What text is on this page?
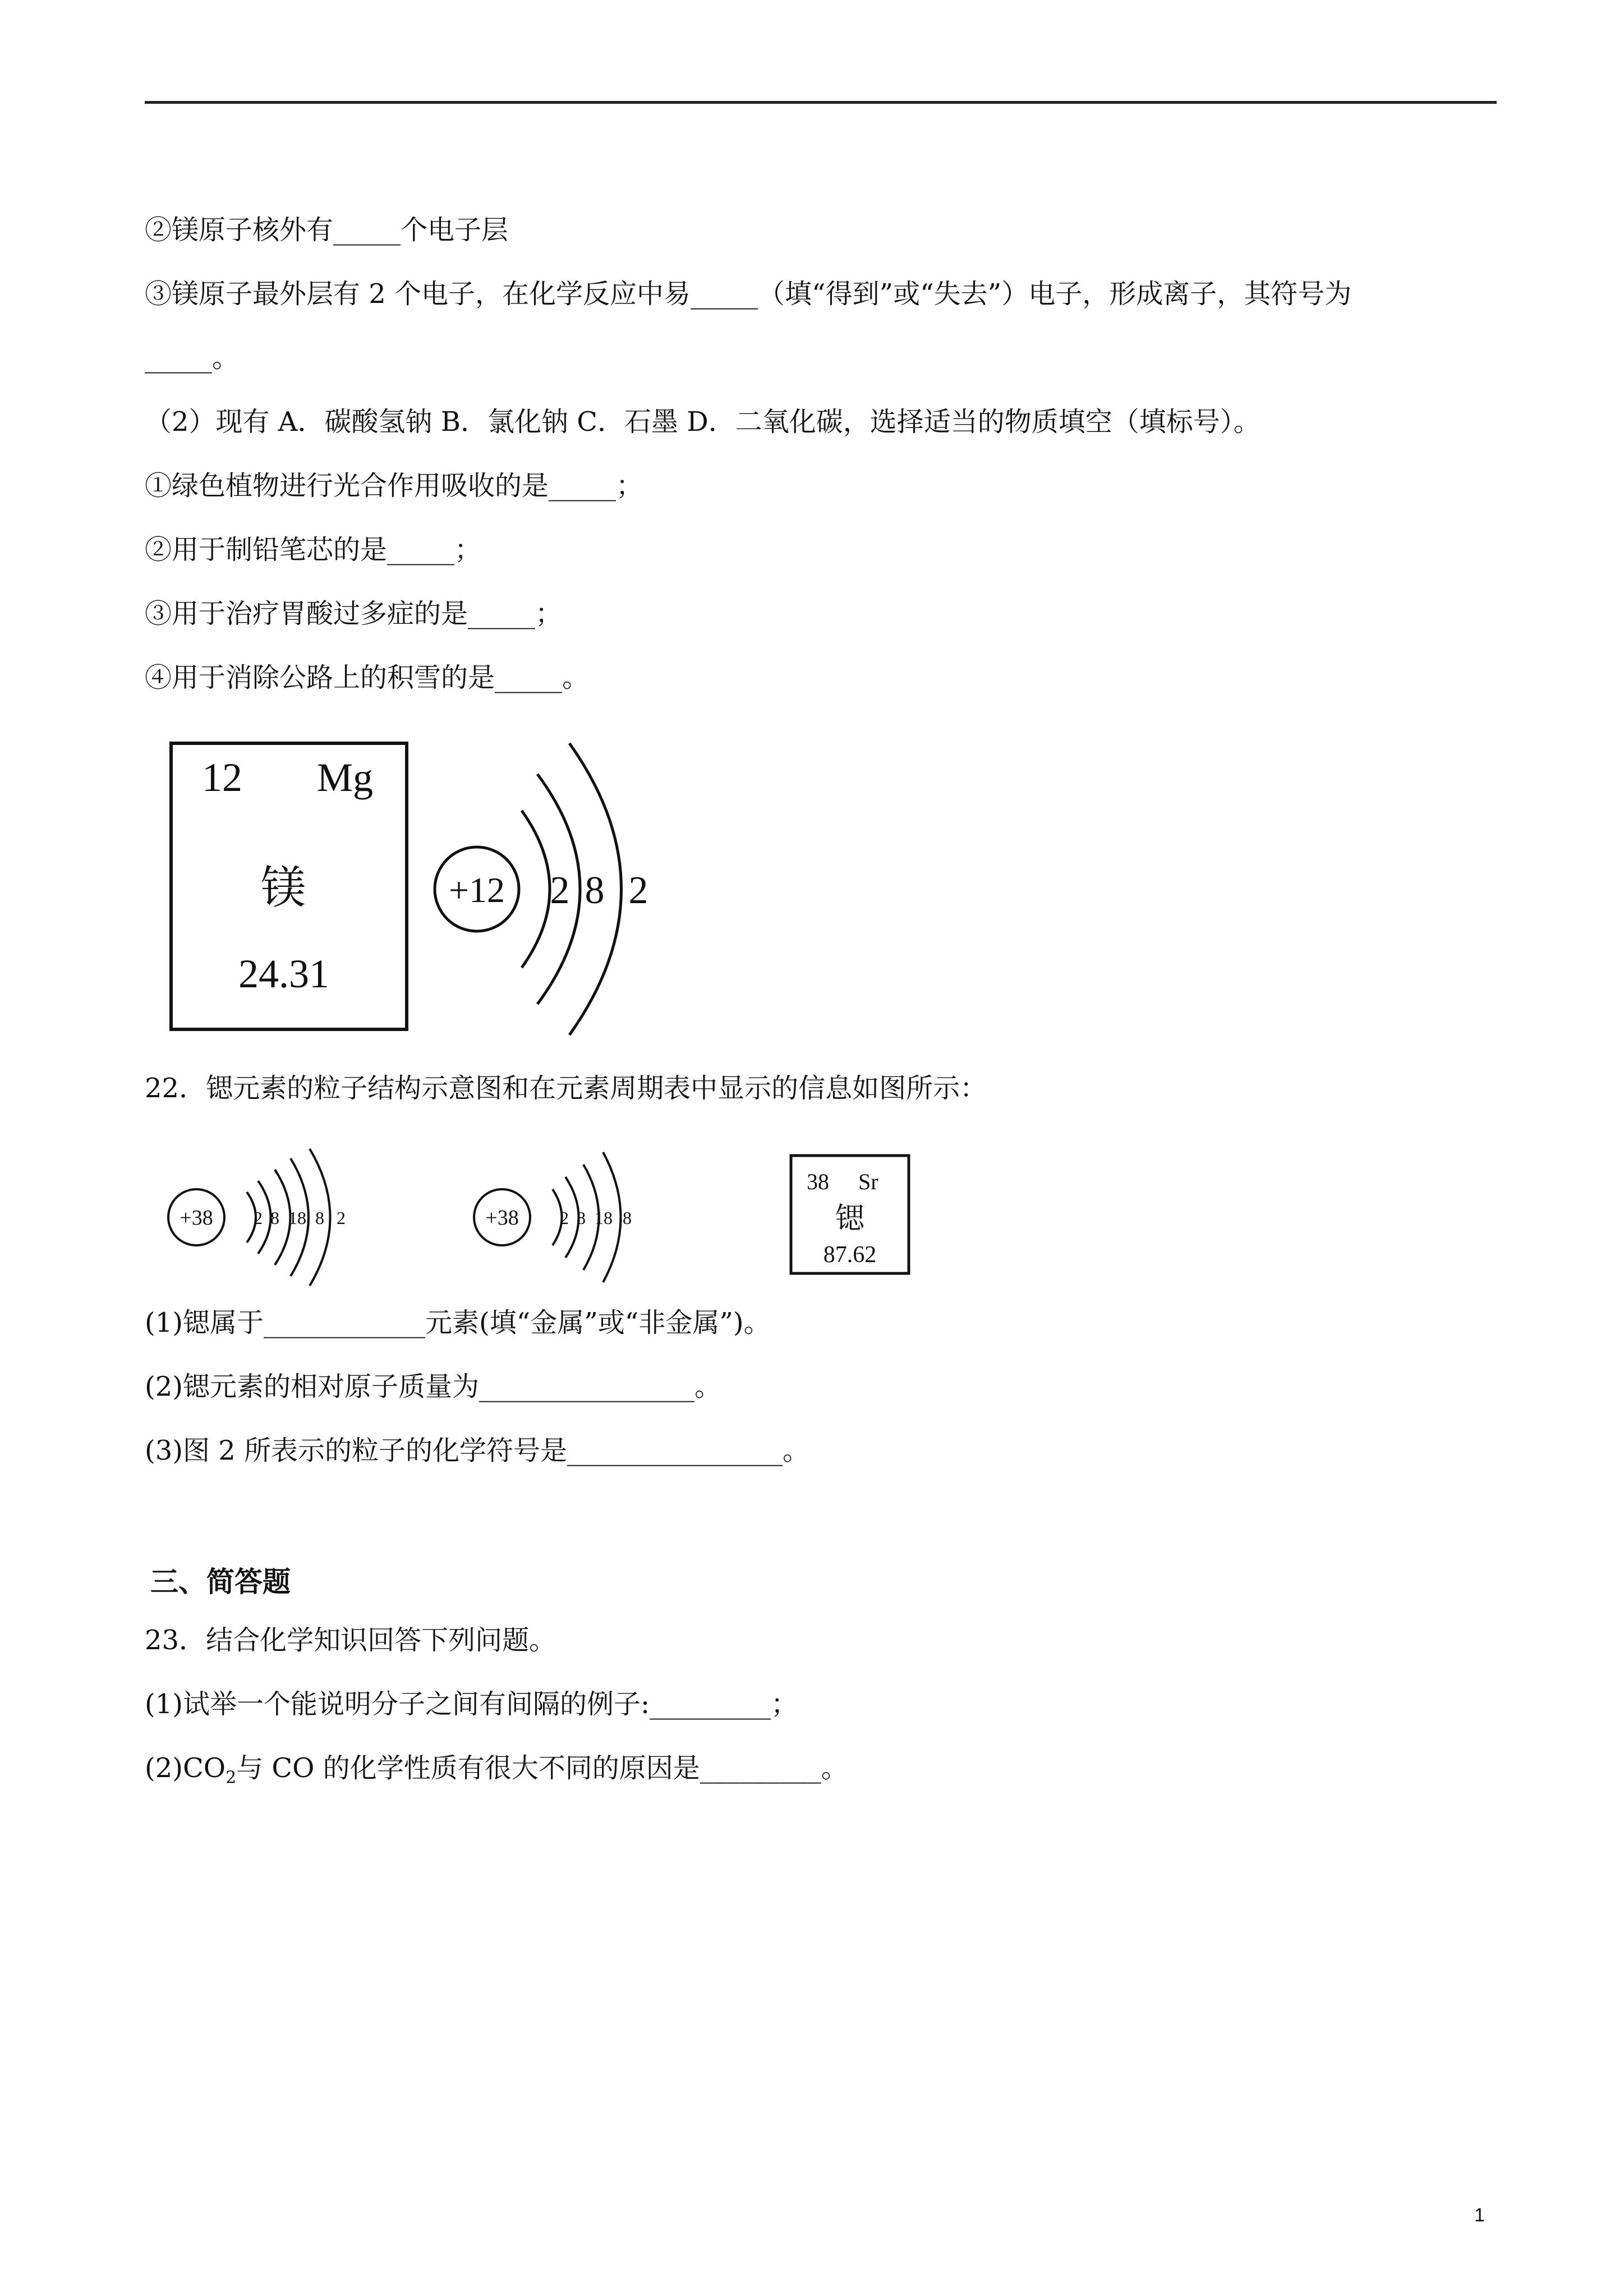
②镁原子核外有_____个电子层
③镁原子最外层有 2 个电子，在化学反应中易_____（填“得到”或“失去”）电子，形成离子，其符号为
_____。
（2）现有 A．碳酸氢钠 B．氯化钠 C．石墨 D．二氧化碳，选择适当的物质填空（填标号）。
①绿色植物进行光合作用吸收的是_____；
②用于制铅笔芯的是_____；
③用于治疗胃酸过多症的是_____；
④用于消除公路上的积雪的是_____。
12 Mg
镁
24.31
+12 2 8 2
22．锶元素的粒子结构示意图和在元素周期表中显示的信息如图所示：
+38 2 8 18 8 2	+38 2 8 18 8
38 Sr
锶
87.62
(1)锶属于____________元素(填“金属”或“非金属”)。
(2)锶元素的相对原子质量为________________。
(3)图 2 所表示的粒子的化学符号是________________。
三、简答题
23．结合化学知识回答下列问题。
(1)试举一个能说明分子之间有间隔的例子:_________；
$(2)CO_2$与 CO 的化学性质有很大不同的原因是_________。
1
